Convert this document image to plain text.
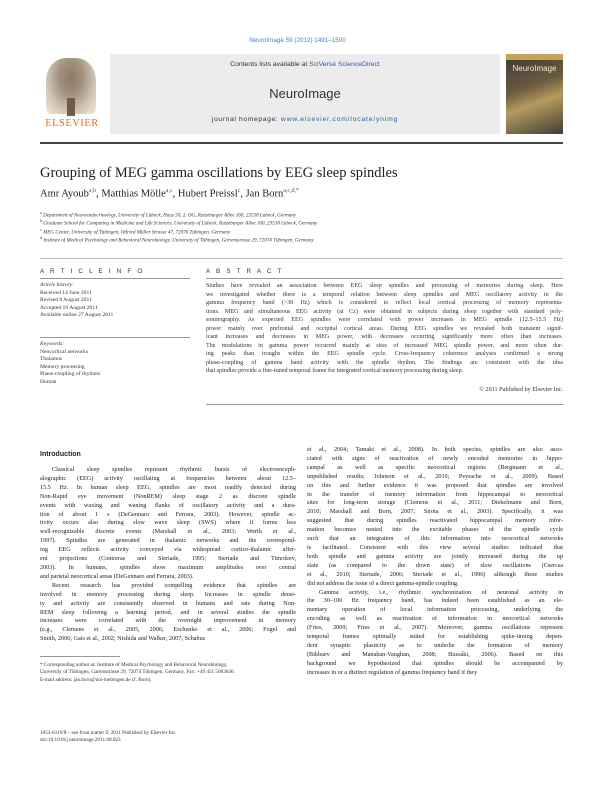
NeuroImage 59 (2012) 1491–1500
ELSEVIER
Contents lists available at SciVerse ScienceDirect
NeuroImage
journal homepage: www.elsevier.com/locate/ynimg
NeuroImage
Grouping of MEG gamma oscillations by EEG sleep spindles
Amr Ayoub$^{a,b}$, Matthias Mölle$^{a,c}$, Hubert Preissl$^c$, Jan Born$^{a,c,d,*}$
$^a$ Department of Neuroendocrinology, University of Lübeck, Haus 50, 2. OG, Ratzeburger Allee 160, 23538 Lübeck, Germany
$^b$ Graduate School for Computing in Medicine and Life Sciences, University of Lübeck, Ratzeburger Allee 160, 23538 Lübeck, Germany
$^c$ MEG Center, University of Tübingen, Otfried Müller Strasse 47, 72076 Tübingen, Germany
$^d$ Institute of Medical Psychology and Behavioral Neurobiology, University of Tübingen, Gartenstrasse 29, 72074 Tübingen, Germany
A R T I C L E I N F O
Article history:
Received 14 June 2011
Revised 8 August 2011
Accepted 10 August 2011
Available online 27 August 2011
Keywords:
Neocortical networks
Thalamus
Memory processing
Phase-coupling of rhythms
Human
A B S T R A C T
Studies have revealed an association between EEG sleep spindles and processing of memories during sleep. Here
we investigated whether there is a temporal relation between sleep spindles and MEG oscillatory activity in the
gamma frequency band (>30 Hz) which is considered to reflect local cortical processing of memory representa-
tions. MEG and simultaneous EEG activity (at Cz) were obtained in subjects during sleep together with standard poly-
somnography. As expected EEG spindles were correlated with power increases in MEG spindle (12.5–15.5 Hz)
power mainly over prefrontal and occipital cortical areas. During EEG spindles we revealed both transient signif-
icant increases and decreases in MEG power, with decreases occurring significantly more often than increases.
The modulations in gamma power occurred mainly at sites of increased MEG spindle power, and more often dur-
ing peaks than troughs within the EEG spindle cycle. Cross-frequency coherence analyses confirmed a strong
phase-coupling of gamma band activity with the spindle rhythm. The findings are consistent with the idea
that spindles provide a fine-tuned temporal frame for integrated cortical memory processing during sleep.
© 2011 Published by Elsevier Inc.
Introduction
Classical sleep spindles represent rhythmic bursts of electroenceph-
alographic (EEG) activity oscillating at frequencies between about 12.5–
15.5 Hz. In human sleep EEG, spindles are most readily detected during
Non-Rapid eye movement (NonREM) sleep stage 2 as discrete spindle
events with waxing and waning flanks of oscillatory activity and a dura-
tion of about 1 s (DeGennaro and Ferrara, 2003). However, spindle ac-
tivity occurs also during slow wave sleep (SWS) where it forms less
well-recognizable discrete events (Marshall et al., 2003; Werth et al.,
1997). Spindles are generated in thalamic networks and the correspond-
ing EEG reflects activity conveyed via widespread cortico-thalamic affer-
ent projections (Contreras and Steriade, 1995; Steriade and Timofeev,
2003). In humans, spindles show maximum amplitudes over central
and parietal neocortical areas (DeGennaro and Ferrara, 2003).
Recent research has provided compelling evidence that spindles are
involved in memory processing during sleep. Increases in spindle densi-
ty and activity are consistently observed in humans and rats during Non-
REM sleep following a learning period, and in several studies the spindle
increases were correlated with the overnight improvement in memory
(e.g., Clemens et al., 2005, 2006; Eschenko et al., 2006; Fogel and
Smith, 2006; Gais et al., 2002; Nishida and Walker, 2007; Schabus
* Corresponding author at: Institute of Medical Psychology and Behavioral Neurobiology,
University of Tübingen, Gartenstrasse 29, 72074 Tübingen, Germany. Fax: +49 451 5003640.
E-mail address: jan.born@uni-tuebingen.de (J. Born).
1053-8119/$ – see front matter © 2011 Published by Elsevier Inc.
doi:10.1016/j.neuroimage.2011.08.023
et al., 2004; Tamaki et al., 2008). In both species, spindles are also asso-
ciated with signs of reactivation of newly encoded memories in hippo-
campal as well as specific neocortical regions (Bergmann et al.,
unpublished results; Johnson et al., 2010; Peyrache et al., 2009). Based
on this and further evidence it was proposed that spindles are involved
in the transfer of memory information from hippocampal to neocortical
sites for long-term storage (Clemens et al., 2011; Diekelmann and Born,
2010; Marshall and Born, 2007; Sirota et al., 2003). Specifically, it was
suggested that during spindles reactivated hippocampal memory infor-
mation becomes nested into the excitable phases of the spindle cycle
such that an integration of this information into neocortical networks
is facilitated. Consistent with this view several studies indicated that
both spindle and gamma activity are jointly increased during the up
state (as compared to the down state) of slow oscillations (Csercsa
et al., 2010; Steriade, 2006; Steriade et al., 1996) although these studies
did not address the issue of a direct gamma-spindle coupling.
Gamma activity, i.e., rhythmic synchronization of neuronal activity in
the 30–100 Hz frequency band, has indeed been established as an ele-
mentary operation of local information processing, underlying the
encoding as well as reactivation of information in neocortical networks
(Fries, 2009; Fries et al., 2007). Moreover, gamma oscillations represent
temporal frames optimally suited for establishing spike-timing depen-
dent synaptic plasticity as to underlie the formation of memory
(Bikbaev and Manahan-Vaughan, 2008; Buzsáki, 2006). Based on this
background we hypothesized that spindles should be accompanied by
increases in or a distinct regulation of gamma frequency band if they
